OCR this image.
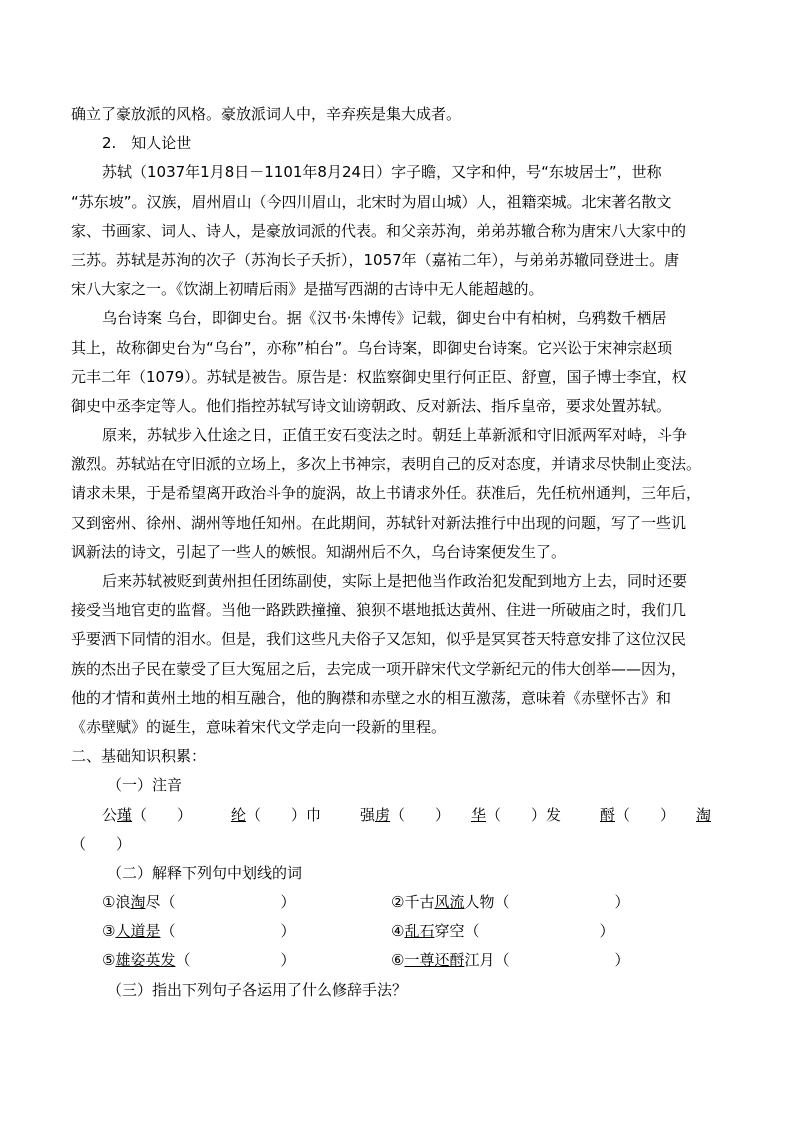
确立了豪放派的风格。豪放派词人中，辛弃疾是集大成者。
2.　知人论世
苏轼（1037年1月8日－1101年8月24日）字子瞻，又字和仲，号“东坡居士”，世称
“苏东坡”。汉族，眉州眉山（今四川眉山，北宋时为眉山城）人，祖籍栾城。北宋著名散文
家、书画家、词人、诗人，是豪放词派的代表。和父亲苏洵，弟弟苏辙合称为唐宋八大家中的
三苏。苏轼是苏洵的次子（苏洵长子夭折），1057年（嘉祐二年），与弟弟苏辙同登进士。唐
宋八大家之一。《饮湖上初晴后雨》是描写西湖的古诗中无人能超越的。
乌台诗案 乌台，即御史台。据《汉书·朱博传》记载，御史台中有柏树，乌鸦数千栖居
其上，故称御史台为“乌台”，亦称”柏台”。乌台诗案，即御史台诗案。它兴讼于宋神宗赵顼
元丰二年（1079）。苏轼是被告。原告是：权监察御史里行何正臣、舒亶，国子博士李宜，权
御史中丞李定等人。他们指控苏轼写诗文讪谤朝政、反对新法、指斥皇帝，要求处置苏轼。
原来，苏轼步入仕途之日，正值王安石变法之时。朝廷上革新派和守旧派两军对峙，斗争
激烈。苏轼站在守旧派的立场上，多次上书神宗，表明自己的反对态度，并请求尽快制止变法。
请求未果，于是希望离开政治斗争的旋涡，故上书请求外任。获准后，先任杭州通判，三年后，
又到密州、徐州、湖州等地任知州。在此期间，苏轼针对新法推行中出现的问题，写了一些讥
讽新法的诗文，引起了一些人的嫉恨。知湖州后不久，乌台诗案便发生了。
后来苏轼被贬到黄州担任团练副使，实际上是把他当作政治犯发配到地方上去，同时还要
接受当地官吏的监督。当他一路跌跌撞撞、狼狈不堪地抵达黄州、住进一所破庙之时，我们几
乎要洒下同情的泪水。但是，我们这些凡夫俗子又怎知，似乎是冥冥苍天特意安排了这位汉民
族的杰出子民在蒙受了巨大冤屈之后，去完成一项开辟宋代文学新纪元的伟大创举——因为，
他的才情和黄州土地的相互融合，他的胸襟和赤壁之水的相互激荡，意味着《赤壁怀古》和
《赤壁赋》的诞生，意味着宋代文学走向一段新的里程。
二、基础知识积累：
（一）注音
公瑾（　　）	纶（　　）巾	强虏（　　） 华（　　）发	酹（　　） 淘
（　　）
（二）解释下列句中划线的词
①浪淘尽（　　　　　　　）	②千古风流人物（　　　　　　　）
③人道是（　　　　　　　）	④乱石穿空（　　　　　　　　）
⑤雄姿英发（　　　　　　）	⑥一尊还酹江月（　　　　　　　）
（三）指出下列句子各运用了什么修辞手法？
